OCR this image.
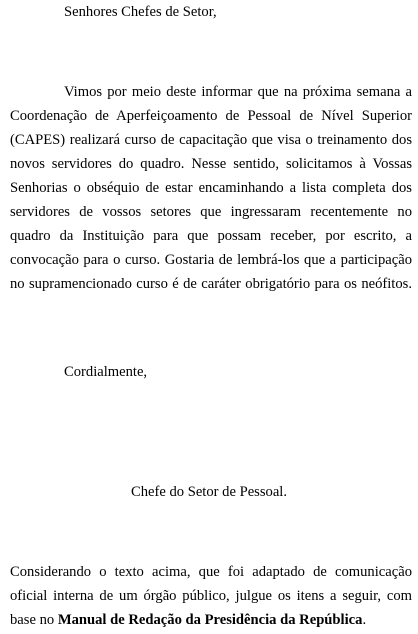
Senhores Chefes de Setor,
Vimos por meio deste informar que na próxima semana a
Coordenação de Aperfeiçoamento de Pessoal de Nível Superior
(CAPES) realizará curso de capacitação que visa o treinamento dos
novos servidores do quadro. Nesse sentido, solicitamos à Vossas
Senhorias o obséquio de estar encaminhando a lista completa dos
servidores de vossos setores que ingressaram recentemente no
quadro da Instituição para que possam receber, por escrito, a
convocação para o curso. Gostaria de lembrá-los que a participação
no supramencionado curso é de caráter obrigatório para os neófitos.
Cordialmente,
Chefe do Setor de Pessoal.
Considerando o texto acima, que foi adaptado de comunicação
oficial interna de um órgão público, julgue os itens a seguir, com
base no Manual de Redação da Presidência da República.
